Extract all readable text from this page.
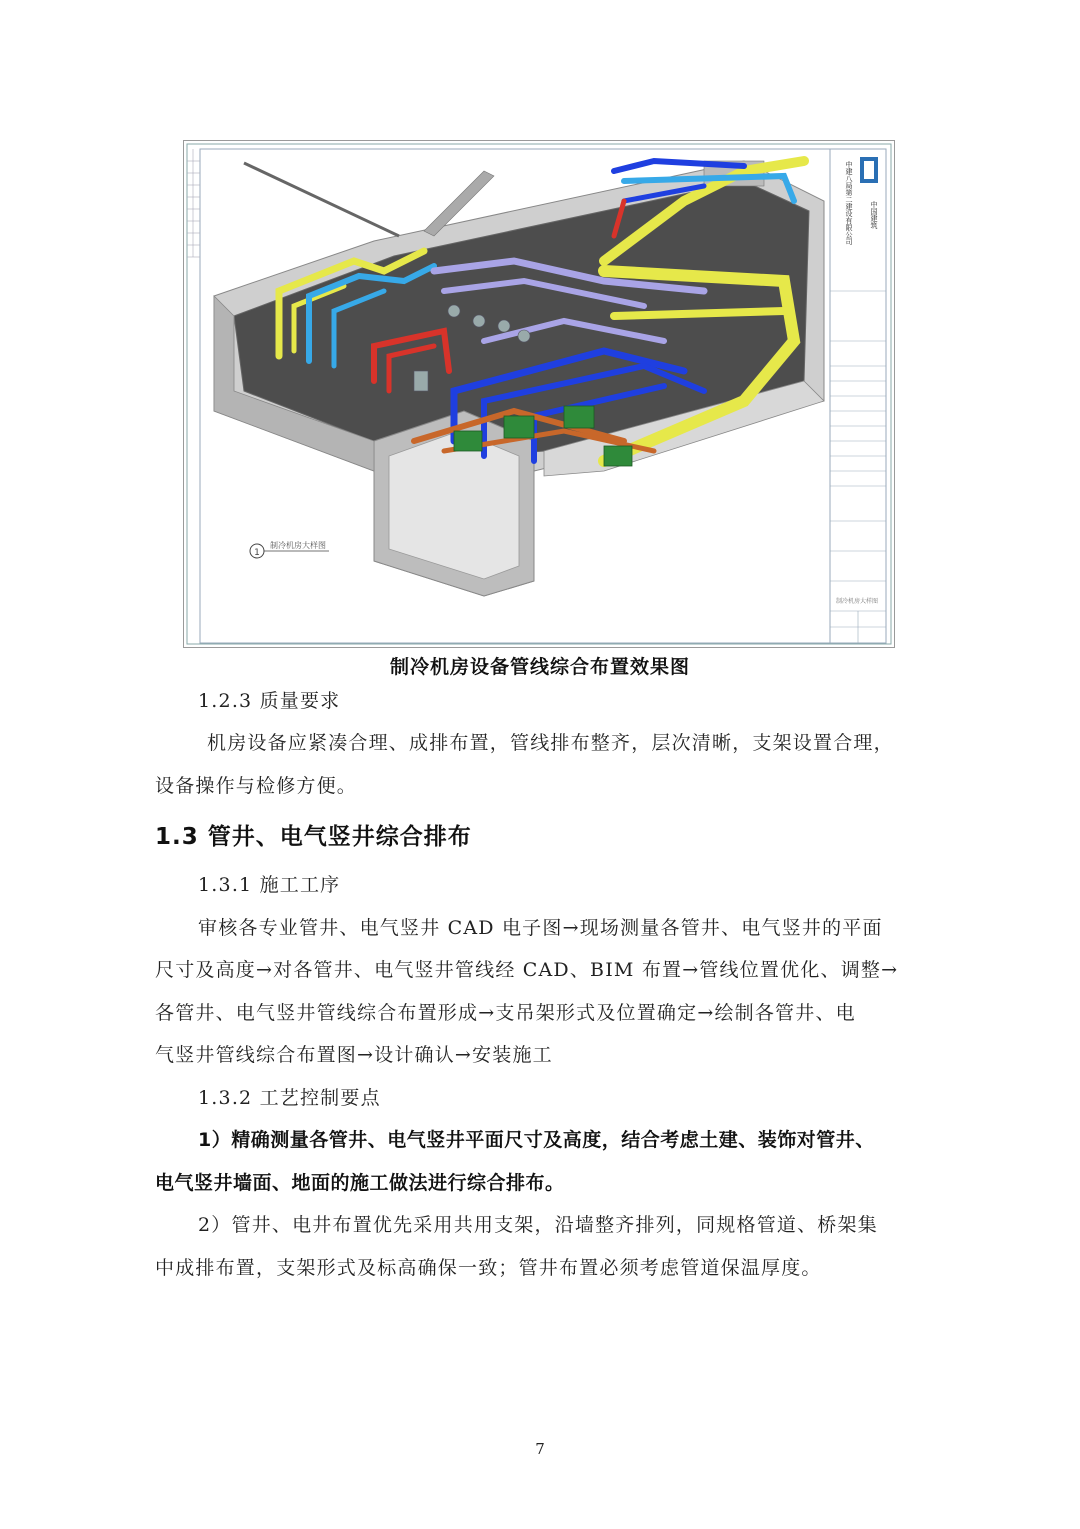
1
制冷机房大样图
中国建筑
中建八局第二建设有限公司
制冷机房大样图
制冷机房设备管线综合布置效果图
1.2.3 质量要求
机房设备应紧凑合理、成排布置，管线排布整齐，层次清晰，支架设置合理，
设备操作与检修方便。
1.3 管井、电气竖井综合排布
1.3.1 施工工序
审核各专业管井、电气竖井 CAD 电子图→现场测量各管井、电气竖井的平面
尺寸及高度→对各管井、电气竖井管线经 CAD、BIM 布置→管线位置优化、调整→
各管井、电气竖井管线综合布置形成→支吊架形式及位置确定→绘制各管井、电
气竖井管线综合布置图→设计确认→安装施工
1.3.2 工艺控制要点
1）精确测量各管井、电气竖井平面尺寸及高度，结合考虑土建、装饰对管井、
电气竖井墙面、地面的施工做法进行综合排布。
2）管井、电井布置优先采用共用支架，沿墙整齐排列，同规格管道、桥架集
中成排布置，支架形式及标高确保一致；管井布置必须考虑管道保温厚度。
7
